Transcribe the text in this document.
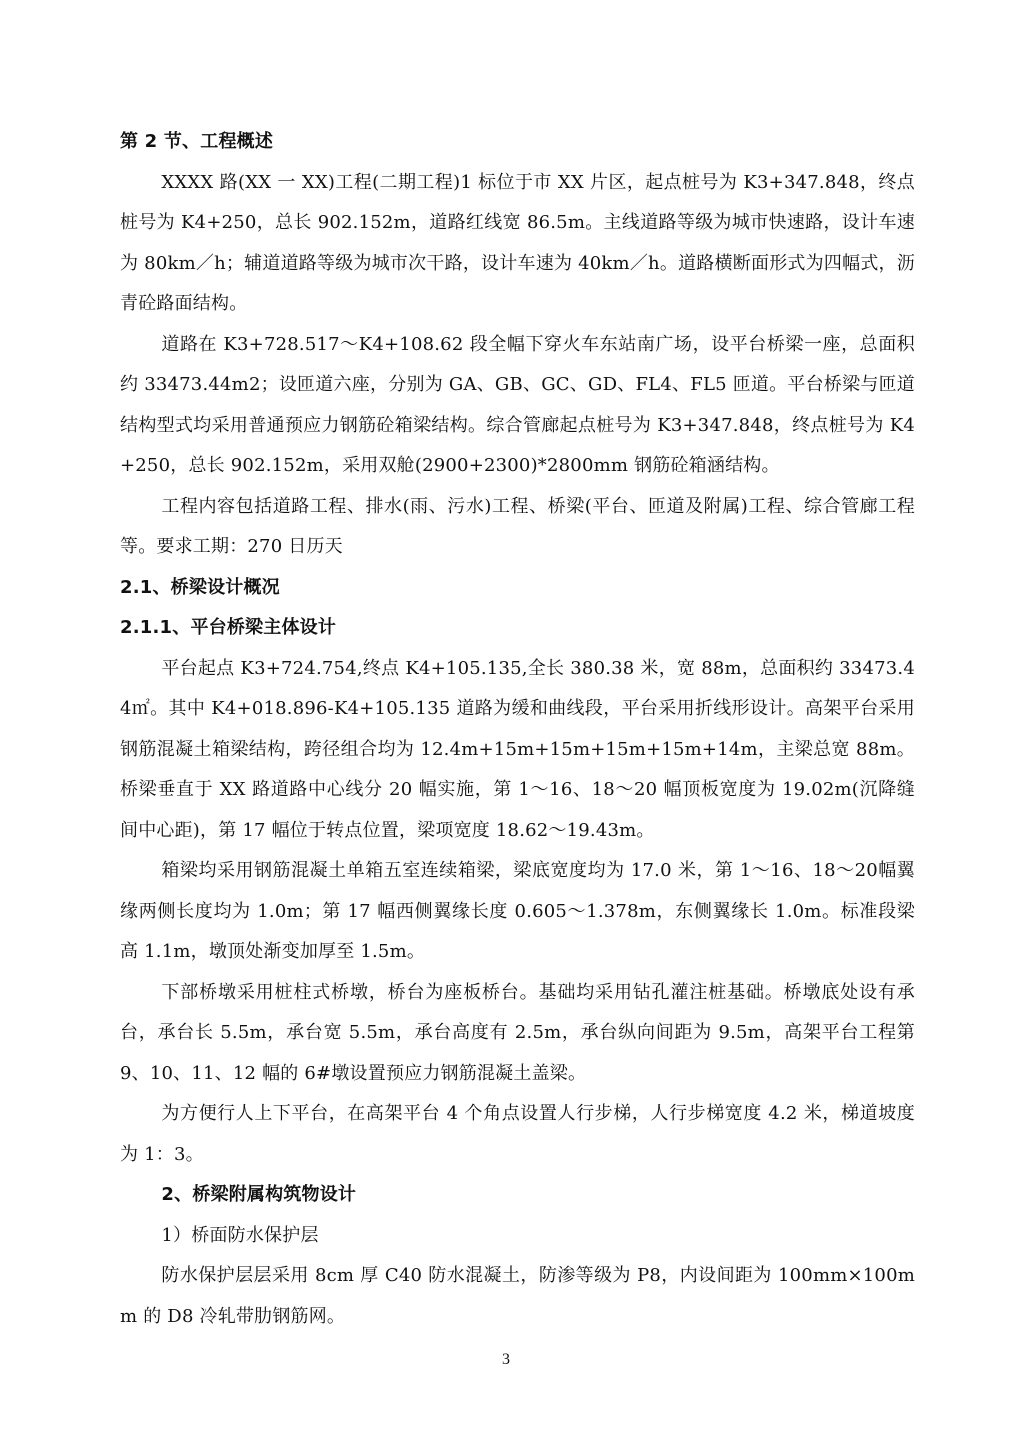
第 2 节、工程概述

XXXX 路(XX 一 XX)工程(二期工程)1 标位于市 XX 片区，起点桩号为 K3+347.848，终点桩号为 K4+250，总长 902.152m，道路红线宽 86.5m。主线道路等级为城市快速路，设计车速为 80km／h；辅道道路等级为城市次干路，设计车速为 40km／h。道路横断面形式为四幅式，沥青砼路面结构。

道路在 K3+728.517～K4+108.62 段全幅下穿火车东站南广场，设平台桥梁一座，总面积约 33473.44m2；设匝道六座，分别为 GA、GB、GC、GD、FL4、FL5 匝道。平台桥梁与匝道结构型式均采用普通预应力钢筋砼箱梁结构。综合管廊起点桩号为 K3+347.848，终点桩号为 K4+250，总长 902.152m，采用双舱(2900+2300)*2800mm 钢筋砼箱涵结构。

工程内容包括道路工程、排水(雨、污水)工程、桥梁(平台、匝道及附属)工程、综合管廊工程等。要求工期：270 日历天

2.1、桥梁设计概况

2.1.1、平台桥梁主体设计

平台起点 K3+724.754,终点 K4+105.135,全长 380.38 米，宽 88m，总面积约 33473.44㎡。其中 K4+018.896-K4+105.135 道路为缓和曲线段，平台采用折线形设计。高架平台采用钢筋混凝土箱梁结构，跨径组合均为 12.4m+15m+15m+15m+15m+14m，主梁总宽 88m。桥梁垂直于 XX 路道路中心线分 20 幅实施，第 1～16、18～20 幅顶板宽度为 19.02m(沉降缝间中心距)，第 17 幅位于转点位置，梁项宽度 18.62～19.43m。

箱梁均采用钢筋混凝土单箱五室连续箱梁，梁底宽度均为 17.0 米，第 1～16、18～20幅翼缘两侧长度均为 1.0m；第 17 幅西侧翼缘长度 0.605～1.378m，东侧翼缘长 1.0m。标准段梁高 1.1m，墩顶处渐变加厚至 1.5m。

下部桥墩采用桩柱式桥墩，桥台为座板桥台。基础均采用钻孔灌注桩基础。桥墩底处设有承台，承台长 5.5m，承台宽 5.5m，承台高度有 2.5m，承台纵向间距为 9.5m，高架平台工程第 9、10、11、12 幅的 6#墩设置预应力钢筋混凝土盖梁。

为方便行人上下平台，在高架平台 4 个角点设置人行步梯，人行步梯宽度 4.2 米，梯道坡度为 1：3。

2、桥梁附属构筑物设计

1）桥面防水保护层

防水保护层层采用 8cm 厚 C40 防水混凝土，防渗等级为 P8，内设间距为 100mm×100mm 的 D8 冷轧带肋钢筋网。

3
